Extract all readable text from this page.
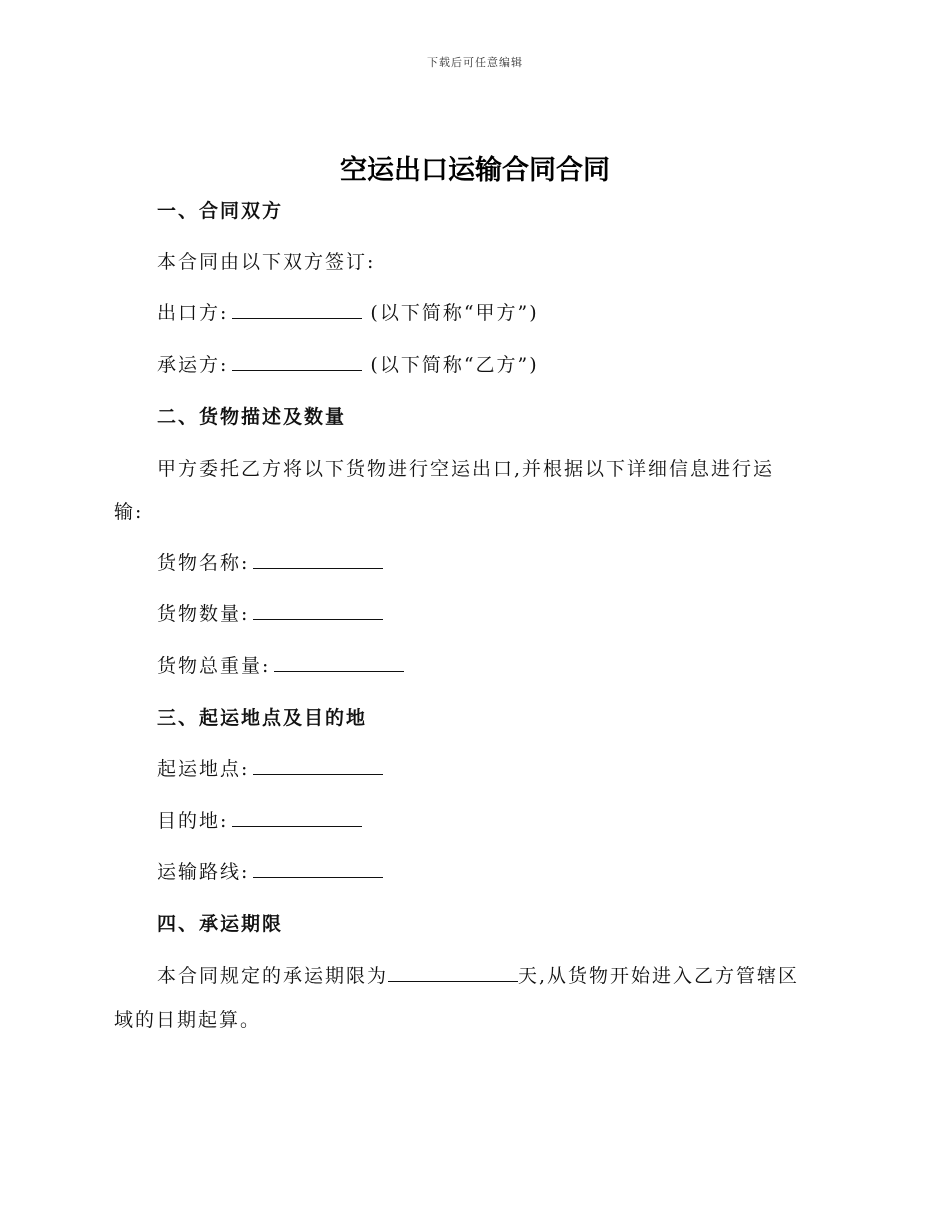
下载后可任意编辑
空运出口运输合同合同
一、合同双方
本合同由以下双方签订:
出口方:	(以下简称“甲方”)
承运方:	(以下简称“乙方”)
二、货物描述及数量
甲方委托乙方将以下货物进行空运出口,并根据以下详细信息进行运
输:
货物名称:
货物数量:
货物总重量:
三、起运地点及目的地
起运地点:
目的地:
运输路线:
四、承运期限
本合同规定的承运期限为	天,从货物开始进入乙方管辖区
域的日期起算。
